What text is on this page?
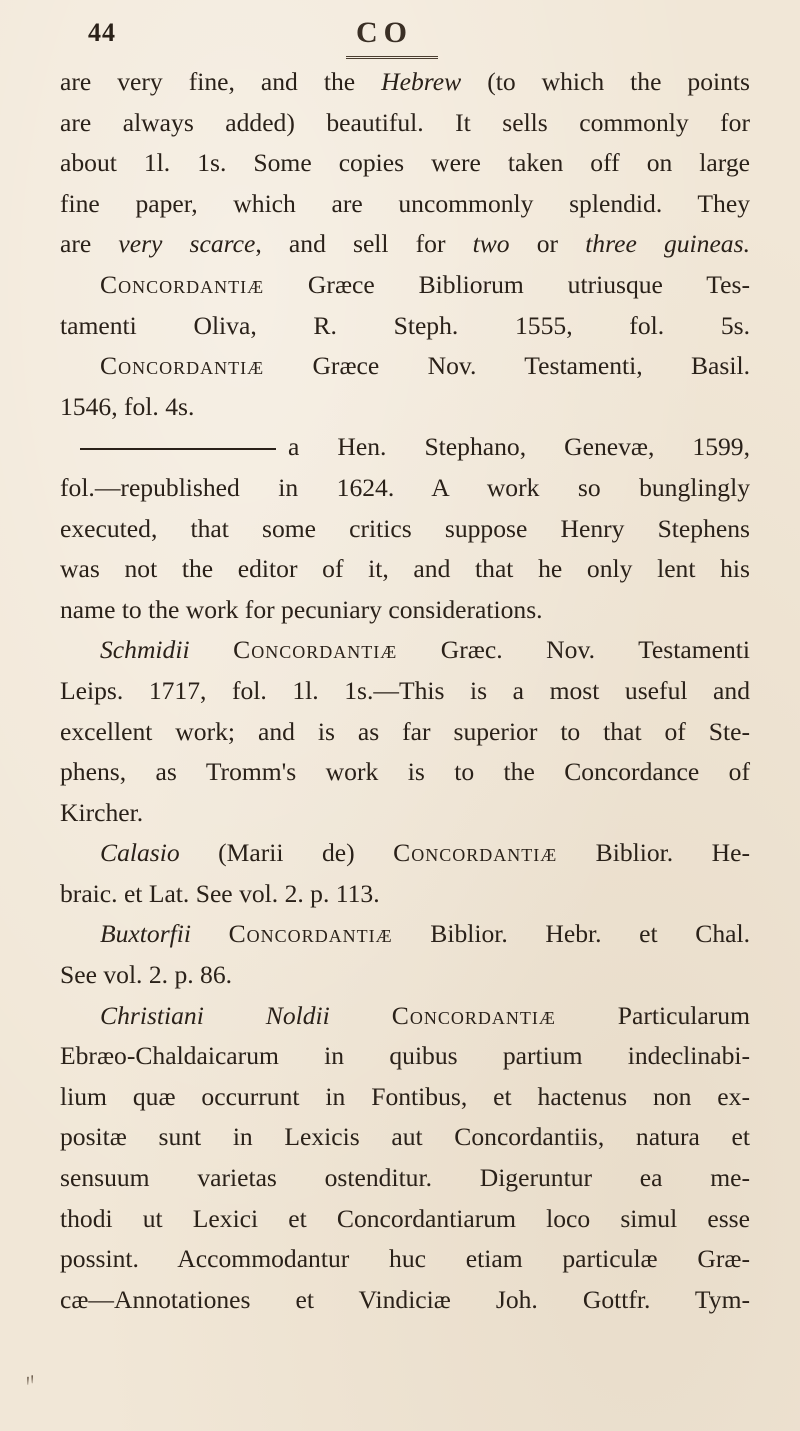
44	CO
are very fine, and the Hebrew (to which the points
are always added) beautiful. It sells commonly for
about 1l. 1s. Some copies were taken off on large
fine paper, which are uncommonly splendid. They
are very scarce, and sell for two or three guineas.
Concordantiæ Græce Bibliorum utriusque Tes-
tamenti Oliva, R. Steph. 1555, fol. 5s.
Concordantiæ Græce Nov. Testamenti, Basil.
1546, fol. 4s.
a Hen. Stephano, Genevæ, 1599,
fol.—republished in 1624. A work so bunglingly
executed, that some critics suppose Henry Stephens
was not the editor of it, and that he only lent his
name to the work for pecuniary considerations.
Schmidii Concordantiæ Græc. Nov. Testamenti
Leips. 1717, fol. 1l. 1s.—This is a most useful and
excellent work; and is as far superior to that of Ste-
phens, as Tromm's work is to the Concordance of
Kircher.
Calasio (Marii de) Concordantiæ Biblior. He-
braic. et Lat. See vol. 2. p. 113.
Buxtorfii Concordantiæ Biblior. Hebr. et Chal.
See vol. 2. p. 86.
Christiani Noldii Concordantiæ Particularum
Ebræo-Chaldaicarum in quibus partium indeclinabi-
lium quæ occurrunt in Fontibus, et hactenus non ex-
positæ sunt in Lexicis aut Concordantiis, natura et
sensuum varietas ostenditur. Digeruntur ea me-
thodi ut Lexici et Concordantiarum loco simul esse
possint. Accommodantur huc etiam particulæ Græ-
cæ—Annotationes et Vindiciæ Joh. Gottfr. Tym-
〃
